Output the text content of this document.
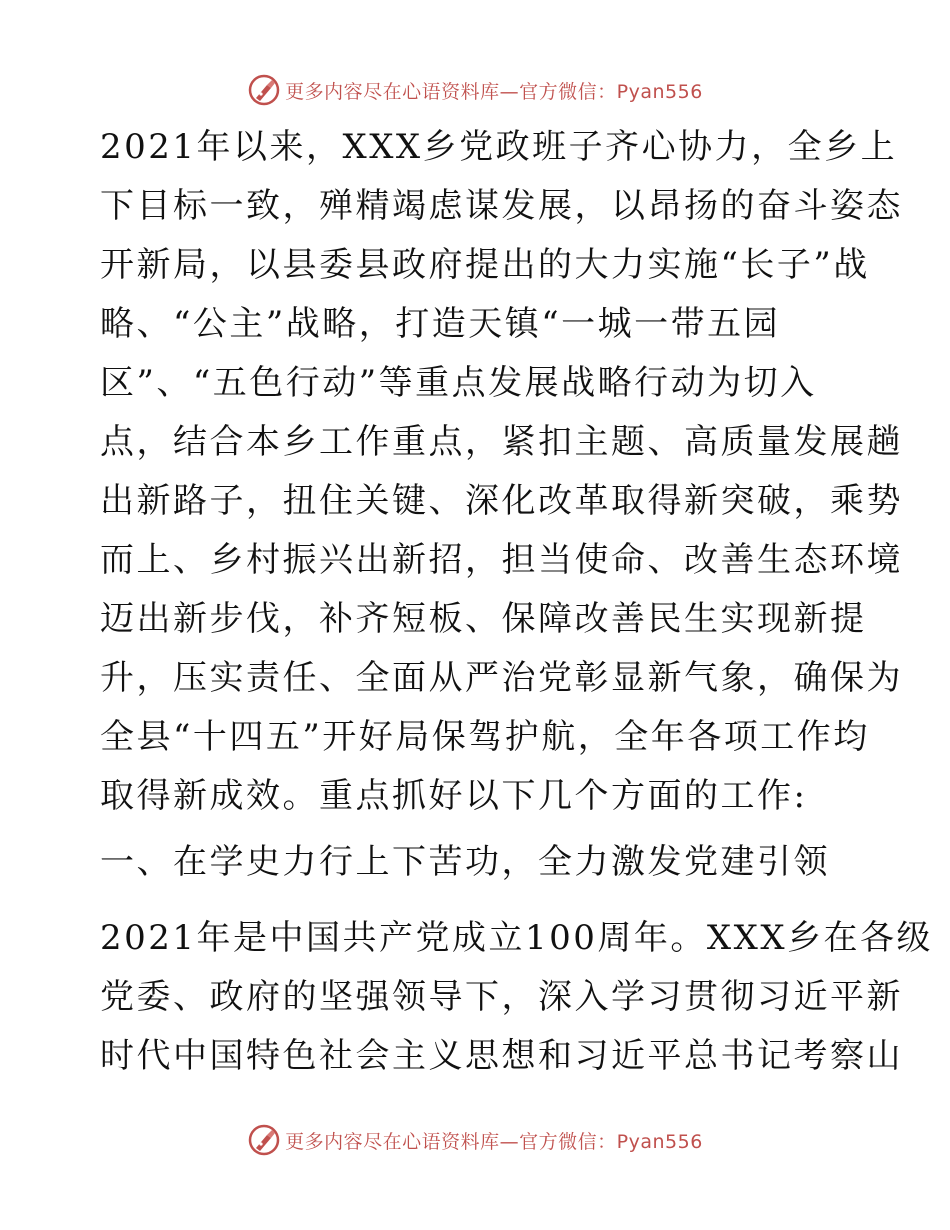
更多内容尽在心语资料库—官方微信：Pyan556
2021年以来，XXX乡党政班子齐心协力，全乡上
下目标一致，殚精竭虑谋发展，以昂扬的奋斗姿态
开新局，以县委县政府提出的大力实施“长子”战
略、“公主”战略，打造天镇“一城一带五园
区”、“五色行动”等重点发展战略行动为切入
点，结合本乡工作重点，紧扣主题、高质量发展趟
出新路子，扭住关键、深化改革取得新突破，乘势
而上、乡村振兴出新招，担当使命、改善生态环境
迈出新步伐，补齐短板、保障改善民生实现新提
升，压实责任、全面从严治党彰显新气象，确保为
全县“十四五”开好局保驾护航，全年各项工作均
取得新成效。重点抓好以下几个方面的工作:
一、在学史力行上下苦功，全力激发党建引领
2021年是中国共产党成立100周年。XXX乡在各级
党委、政府的坚强领导下，深入学习贯彻习近平新
时代中国特色社会主义思想和习近平总书记考察山
更多内容尽在心语资料库—官方微信：Pyan556
